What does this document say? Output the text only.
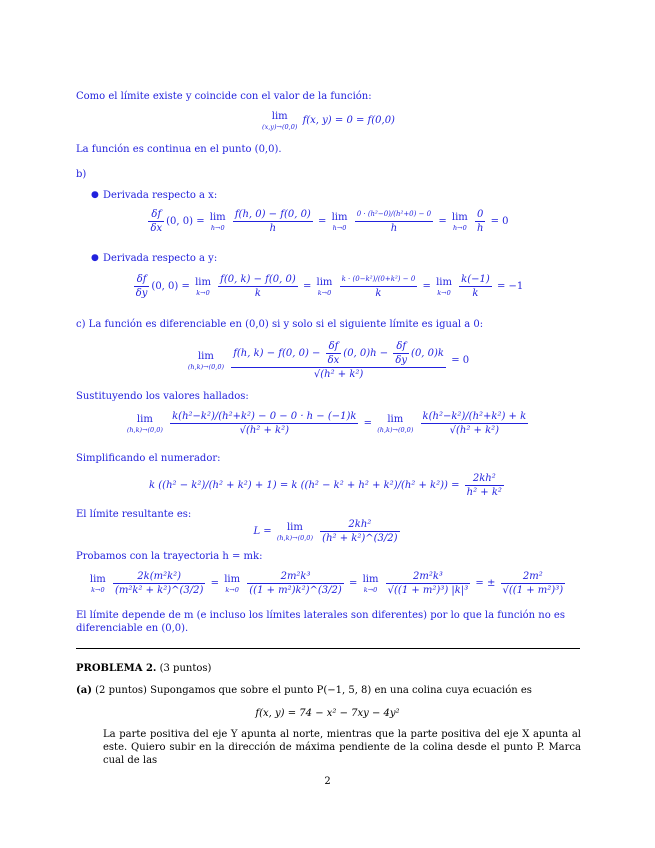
Como el límite existe y coincide con el valor de la función:
lim
(x,y)→(0,0)
f(x, y) = 0 = f(0,0)
La función es continua en el punto (0,0).
b)
● Derivada respecto a x:
$\frac{\delta f}{\delta x} (0$, 0) = lim
h→0
$\frac{f(h, 0) - f(0, 0)}{h} = \lim$
h→0
$\frac{\text{0 · (h²−0)/(h²+0) − 0}}{h} = \lim$
h→0
$\frac{0}{h} = 0$
● Derivada respecto a y:
$\frac{\delta f}{\delta y} (0$, 0) = lim
k→0
$\frac{f(0, k) - f(0, 0)}{k} = \lim$
k→0
$\frac{\text{k · (0−k²)/(0+k²) − 0}}{k} = \lim$
k→0
$\frac{k(-1)}{k} = -1$
c) La función es diferenciable en (0,0) si y solo si el siguiente límite es igual a 0:
lim
(h,k)→(0,0)
$\frac{f(h, k) - f(0, 0) - \frac{\delta f}{\delta x} (0, 0)h - \frac{\delta f}{\delta y} (0, 0)k}{\text{√(h² + k²)}} = 0$
Sustituyendo los valores hallados:
lim
(h,k)→(0,0)
$\frac{\text{k(h²−k²)/(h²+k²) − 0 − 0 · h − (−1)k}}{\text{√(h² + k²)}} = \lim$
(h,k)→(0,0)
$\frac{\text{k(h²−k²)/(h²+k²) + k}}{\text{√(h² + k²)}}$
Simplificando el numerador:
k ((h² − k²)/(h² + k²) + 1) = k $((h^2 - k^2 + h^2 + k^2)/(h^2 + k^2)) = \frac{\text{2kh²}}{\text{h² + k²}}$
El límite resultante es:
L = lim
(h,k)→(0,0)
$\frac{\text{2kh²}}{\text{(h² + k²)\textasciicircum{}(3/2)}}$
Probamos con la trayectoria h = mk:
lim
k→0
$\frac{\text{2k(m²k²)}}{\text{(m²k² + k²)\textasciicircum{}(3/2)}} = \lim$
k→0
$\frac{\text{2m²k³}}{\text{((1 + m²)k²)\textasciicircum{}(3/2)}} = \lim$
k→0
$\frac{\text{2m²k³}}{\text{√((1 + m²)³) |k|³}}$ = ± $\frac{\text{2m²}}{\text{√((1 + m²)³)}}$
El límite depende de m (e incluso los límites laterales son diferentes) por lo que la función no es diferenciable en (0,0).
PROBLEMA 2. (3 puntos)
(a) (2 puntos) Supongamos que sobre el punto P(−1, 5, 8) en una colina cuya ecuación es
f(x, y) = 74 − x² − 7xy − 4y²
La parte positiva del eje Y apunta al norte, mientras que la parte positiva del eje X apunta al este. Quiero subir en la dirección de máxima pendiente de la colina desde el punto P. Marca cual de las
2
